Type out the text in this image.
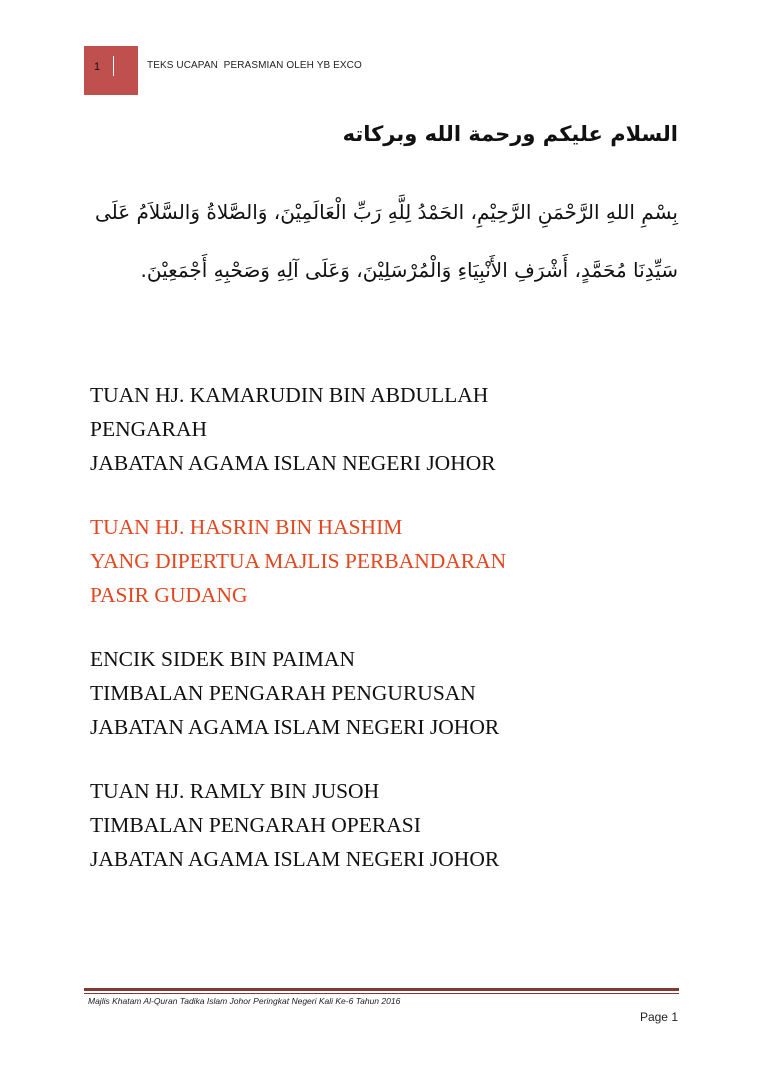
1	TEKS UCAPAN  PERASMIAN OLEH YB EXCO
السلام عليكم ورحمة الله وبركاته
بِسْمِ اللهِ الرَّحْمَنِ الرَّحِيْمِ، الحَمْدُ لِلَّهِ رَبِّ الْعَالَمِيْنَ، وَالصَّلاةُ وَالسَّلاَمُ عَلَى
سَيِّدِنَا مُحَمَّدٍ، أَشْرَفِ الأَنْبِيَاءِ وَالْمُرْسَلِيْنَ، وَعَلَى آلِهِ وَصَحْبِهِ أَجْمَعِيْنَ.
TUAN HJ. KAMARUDIN BIN ABDULLAH
PENGARAH
JABATAN AGAMA ISLAN NEGERI JOHOR
TUAN HJ. HASRIN BIN HASHIM
YANG DIPERTUA MAJLIS PERBANDARAN
PASIR GUDANG
ENCIK SIDEK BIN PAIMAN
TIMBALAN PENGARAH PENGURUSAN
JABATAN AGAMA ISLAM NEGERI JOHOR
TUAN HJ. RAMLY BIN JUSOH
TIMBALAN PENGARAH OPERASI
JABATAN AGAMA ISLAM NEGERI JOHOR
Majlis Khatam Al-Quran Tadika Islam Johor Peringkat Negeri Kali Ke-6 Tahun 2016
Page 1
